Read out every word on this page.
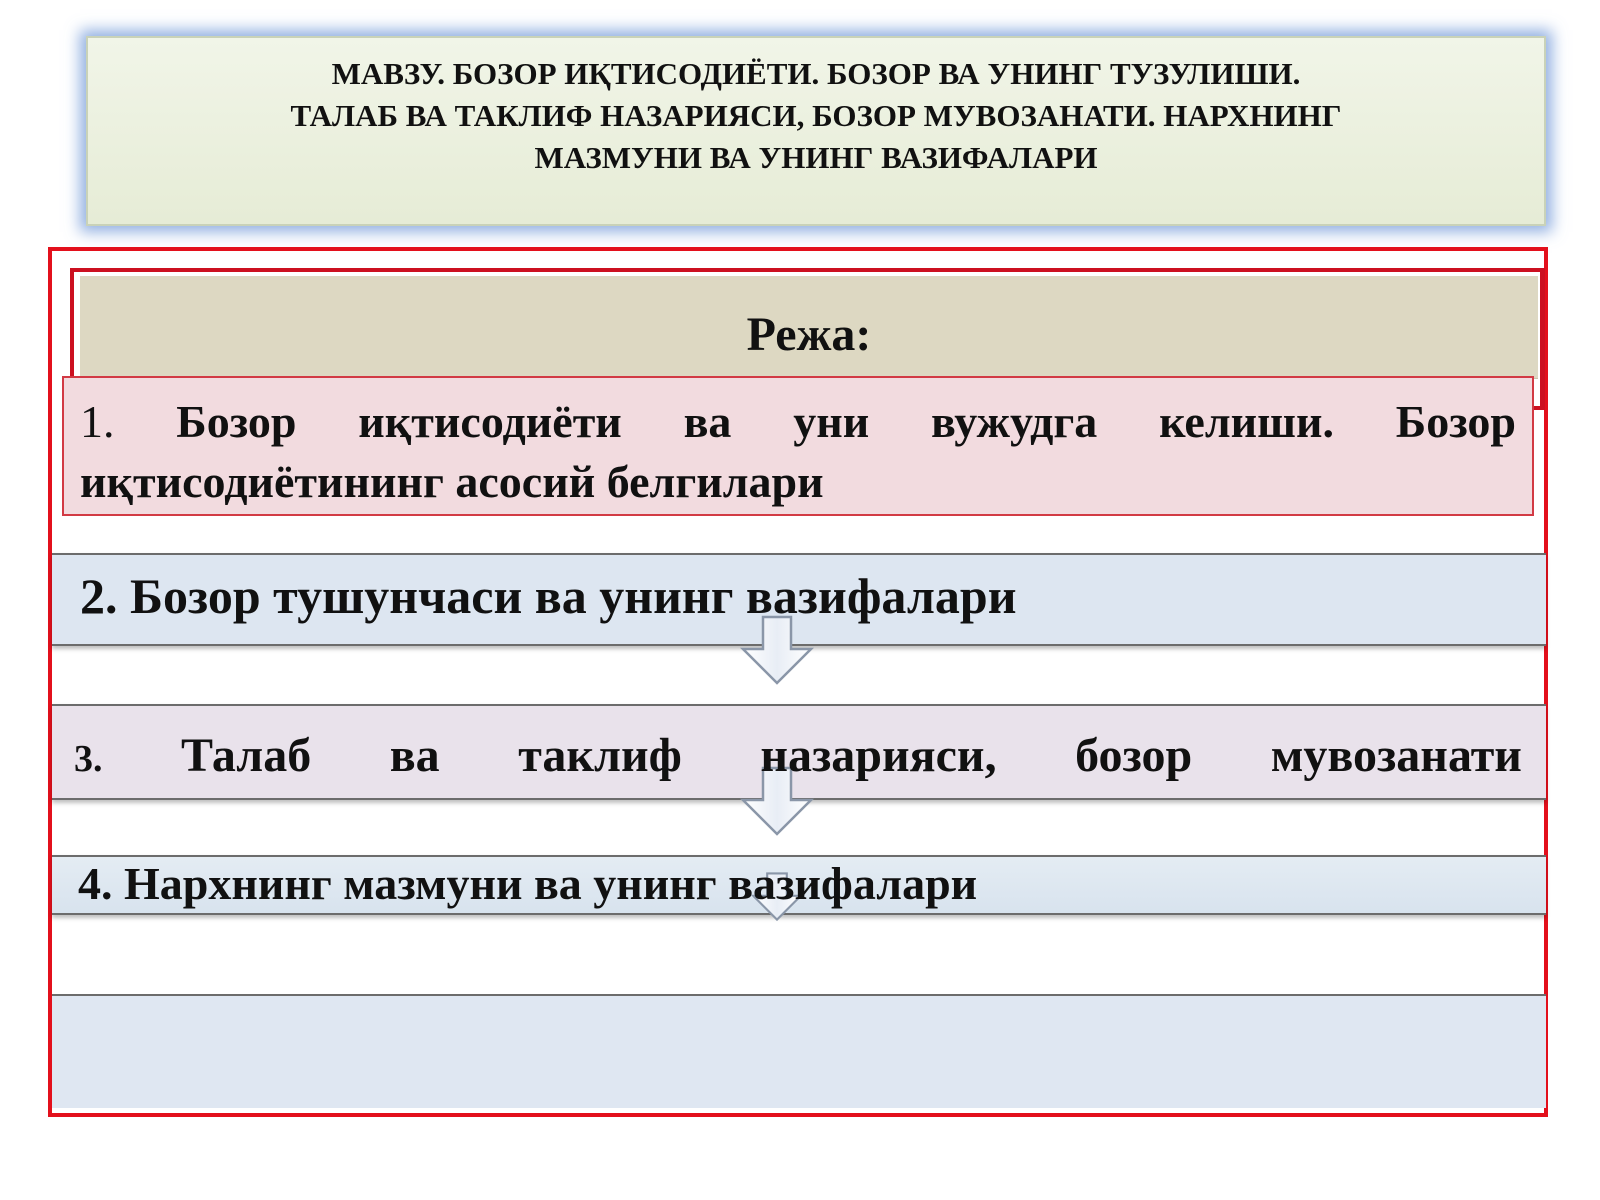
МАВЗУ. БОЗОР ИҚТИСОДИЁТИ. БОЗОР ВА УНИНГ ТУЗУЛИШИ.
ТАЛАБ ВА ТАКЛИФ НАЗАРИЯСИ, БОЗОР МУВОЗАНАТИ. НАРХНИНГ
МАЗМУНИ ВА УНИНГ ВАЗИФАЛАРИ
Режа:
1. Бозор иқтисодиёти ва уни вужудга келиши. Бозор иқтисодиётининг асосий белгилари
2. Бозор тушунчаси ва унинг вазифалари
3. Талаб ва таклиф назарияси, бозор мувозанати
4. Нархнинг мазмуни ва унинг вазифалари
